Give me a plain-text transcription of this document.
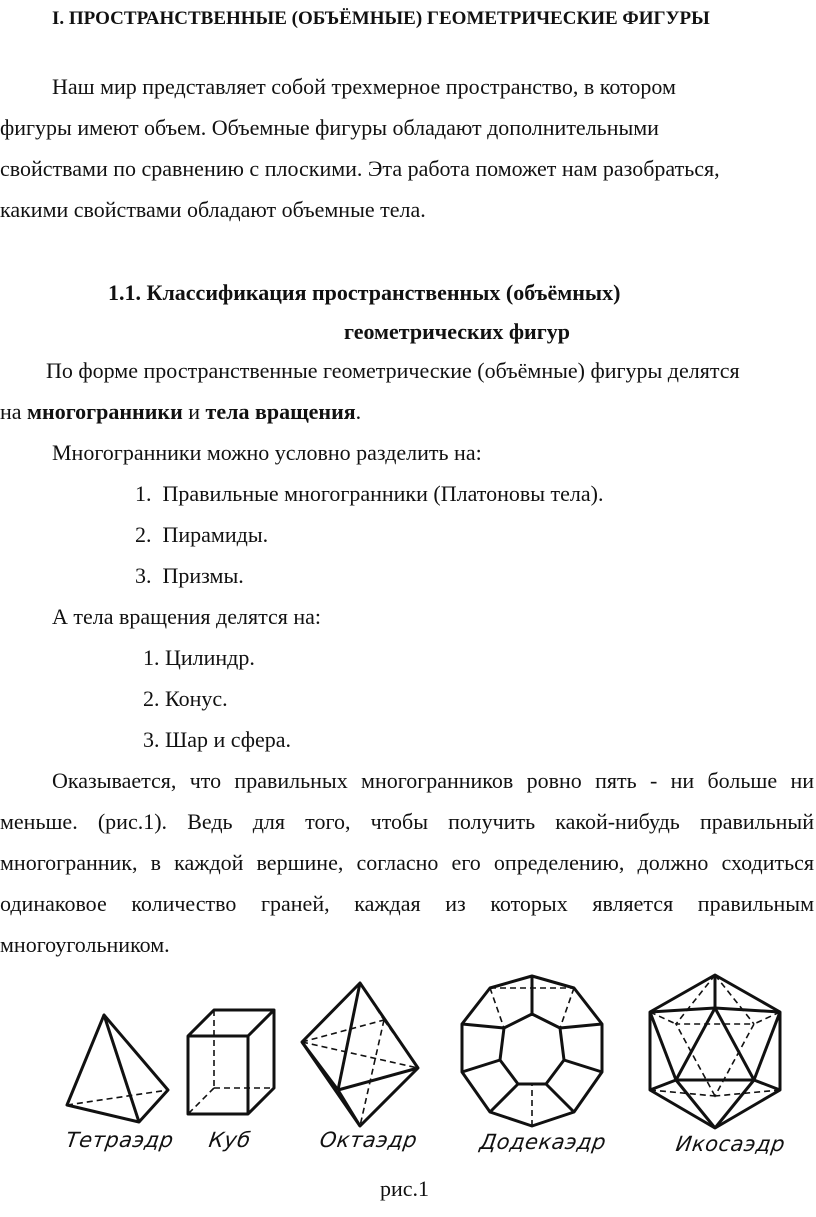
I. ПРОСТРАНСТВЕННЫЕ (ОБЪЁМНЫЕ) ГЕОМЕТРИЧЕСКИЕ ФИГУРЫ
Наш мир представляет собой трехмерное пространство, в котором
фигуры имеют объем. Объемные фигуры обладают дополнительными
свойствами по сравнению с плоскими. Эта работа поможет нам разобраться,
какими свойствами обладают объемные тела.
1.1. Классификация пространственных (объёмных)
геометрических фигур
По форме пространственные геометрические (объёмные) фигуры делятся
на многогранники и тела вращения.
Многогранники можно условно разделить на:
1. Правильные многогранники (Платоновы тела).
2. Пирамиды.
3. Призмы.
А тела вращения делятся на:
1. Цилиндр.
2. Конус.
3. Шар и сфера.
Оказывается, что правильных многогранников ровно пять - ни больше ни
меньше. (рис.1). Ведь для того, чтобы получить какой-нибудь правильный
многогранник, в каждой вершине, согласно его определению, должно сходиться
одинаковое количество граней, каждая из которых является правильным
многоугольником.
Тетраэдр Куб	Октаэдр	Додекаэдр	Икосаэдр
рис.1
